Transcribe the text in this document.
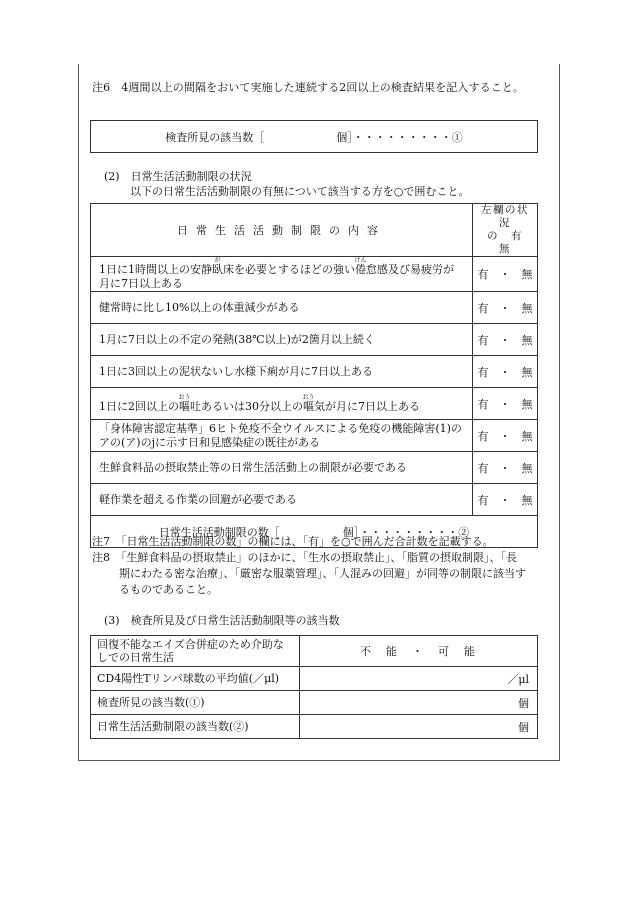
注6　4週間以上の間隔をおいて実施した連続する2回以上の検査結果を記入すること。
検査所見の該当数［	個］・・・・・・・・・①
(2)　日常生活活動制限の状況
以下の日常生活活動制限の有無について該当する方を○で囲むこと。
日常生活活動制限の内容	左欄の状況
の　有　無
1日に1時間以上の安静臥が床を必要とするほどの強い倦けん怠感及び易疲労が月に7日以上ある	有　・　無
健常時に比し10%以上の体重減少がある	有　・　無
1月に7日以上の不定の発熱(38℃以上)が2箇月以上続く	有　・　無
1日に3回以上の泥状ないし水様下痢が月に7日以上ある	有　・　無
1日に2回以上の嘔おう吐あるいは30分以上の嘔おう気が月に7日以上ある	有　・　無
「身体障害認定基準」6ヒト免疫不全ウイルスによる免疫の機能障害(1)のアの(ア)のjに示す日和見感染症の既往がある	有　・　無
生鮮食料品の摂取禁止等の日常生活活動上の制限が必要である	有　・　無
軽作業を超える作業の回避が必要である	有　・　無
日常生活活動制限の数［ 個］・・・・・・・・・②	
注7　「日常生活活動制限の数」の欄には、「有」を○で囲んだ合計数を記載する。
注8　「生鮮食料品の摂取禁止」のほかに、「生水の摂取禁止」、「脂質の摂取制限」、「長
期にわたる密な治療」、「厳密な服薬管理」、「人混みの回避」が同等の制限に該当す
るものであること。
(3)　検査所見及び日常生活活動制限等の該当数
回復不能なエイズ合併症のため介助なしでの日常生活	不　能　・　可　能
CD4陽性Tリンパ球数の平均値(／μl)	／μl
検査所見の該当数(①)	個
日常生活活動制限の該当数(②)	個
